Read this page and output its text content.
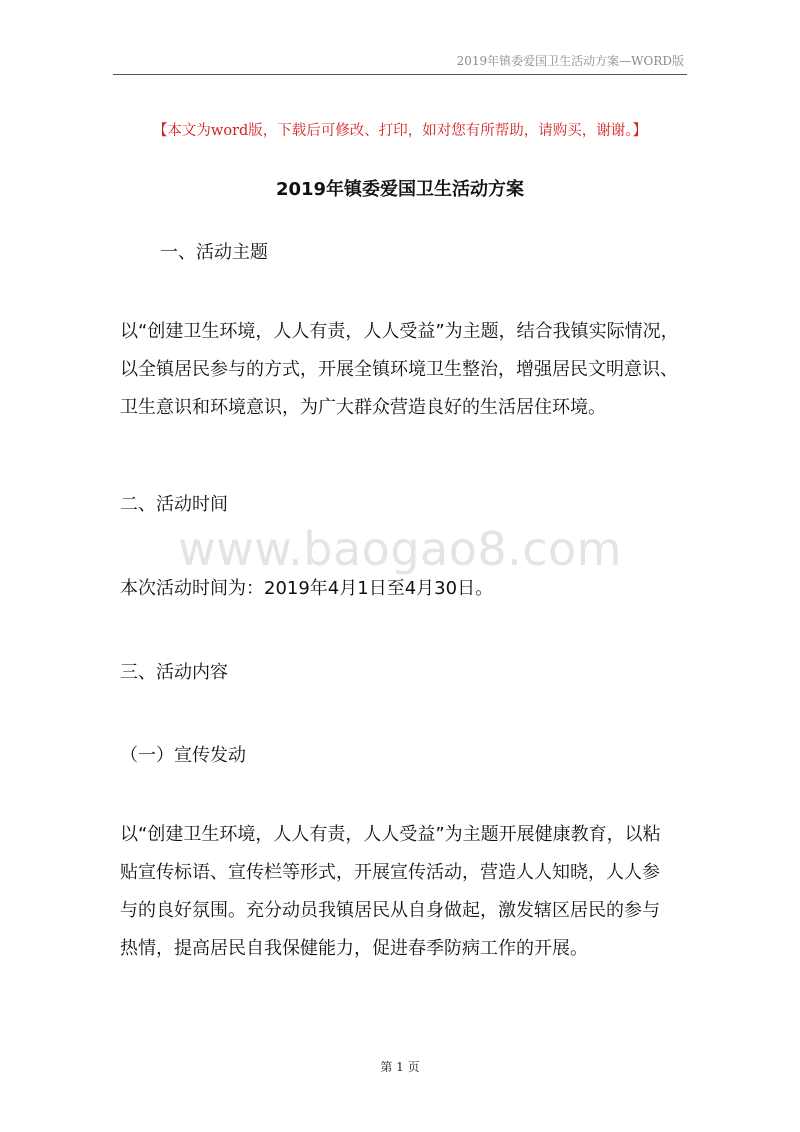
2019年镇委爱国卫生活动方案—WORD版
【本文为word版，下载后可修改、打印，如对您有所帮助，请购买，谢谢。】
www.baogao8.com
2019年镇委爱国卫生活动方案
一、活动主题
以“创建卫生环境，人人有责，人人受益”为主题，结合我镇实际情况，
以全镇居民参与的方式，开展全镇环境卫生整治，增强居民文明意识、
卫生意识和环境意识，为广大群众营造良好的生活居住环境。
二、活动时间
本次活动时间为：2019年4月1日至4月30日。
三、活动内容
（一）宣传发动
以“创建卫生环境，人人有责，人人受益”为主题开展健康教育，以粘
贴宣传标语、宣传栏等形式，开展宣传活动，营造人人知晓，人人参
与的良好氛围。充分动员我镇居民从自身做起，激发辖区居民的参与
热情，提高居民自我保健能力，促进春季防病工作的开展。
第 1 页
